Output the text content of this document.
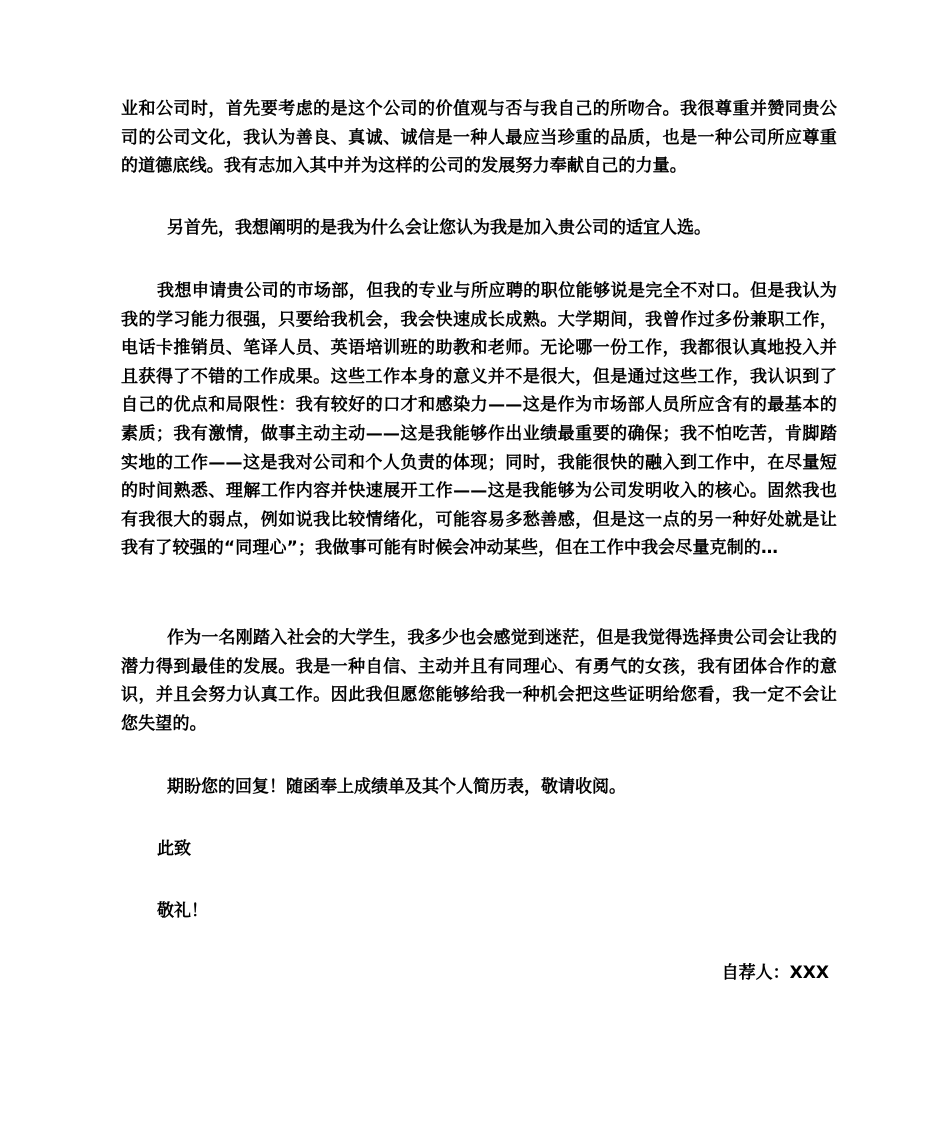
业和公司时，首先要考虑的是这个公司的价值观与否与我自己的所吻合。我很尊重并赞同贵公司的公司文化，我认为善良、真诚、诚信是一种人最应当珍重的品质，也是一种公司所应尊重的道德底线。我有志加入其中并为这样的公司的发展努力奉献自己的力量。

另首先，我想阐明的是我为什么会让您认为我是加入贵公司的适宜人选。

我想申请贵公司的市场部，但我的专业与所应聘的职位能够说是完全不对口。但是我认为我的学习能力很强，只要给我机会，我会快速成长成熟。大学期间，我曾作过多份兼职工作，电话卡推销员、笔译人员、英语培训班的助教和老师。无论哪一份工作，我都很认真地投入并且获得了不错的工作成果。这些工作本身的意义并不是很大，但是通过这些工作，我认识到了自己的优点和局限性：我有较好的口才和感染力——这是作为市场部人员所应含有的最基本的素质；我有激情，做事主动主动——这是我能够作出业绩最重要的确保；我不怕吃苦，肯脚踏实地的工作——这是我对公司和个人负责的体现；同时，我能很快的融入到工作中，在尽量短的时间熟悉、理解工作内容并快速展开工作——这是我能够为公司发明收入的核心。固然我也有我很大的弱点，例如说我比较情绪化，可能容易多愁善感，但是这一点的另一种好处就是让我有了较强的“同理心”；我做事可能有时候会冲动某些，但在工作中我会尽量克制的…

作为一名刚踏入社会的大学生，我多少也会感觉到迷茫，但是我觉得选择贵公司会让我的潜力得到最佳的发展。我是一种自信、主动并且有同理心、有勇气的女孩，我有团体合作的意识，并且会努力认真工作。因此我但愿您能够给我一种机会把这些证明给您看，我一定不会让您失望的。

期盼您的回复！随函奉上成绩单及其个人简历表，敬请收阅。

此致

敬礼！

自荐人：XXX
